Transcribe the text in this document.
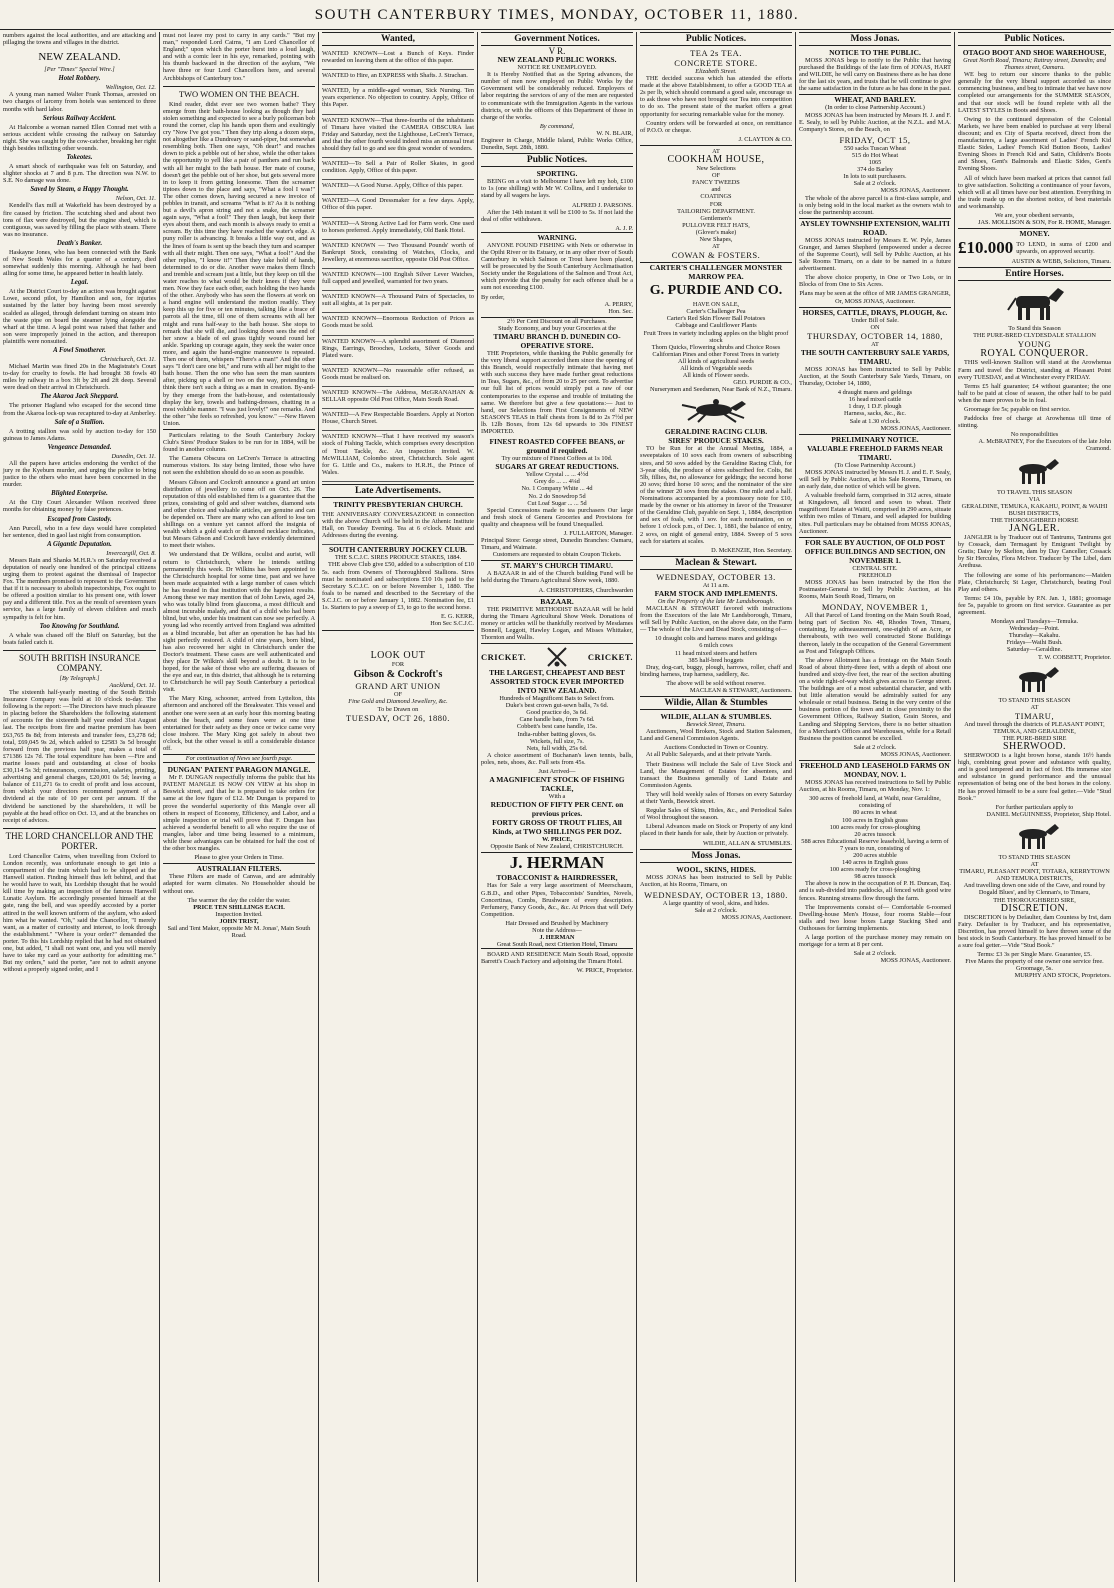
SOUTH CANTERBURY TIMES, MONDAY, OCTOBER 11, 1880.

numbers against the local authorities, and are attacking and pillaging the towns and villages in the district.

NEW ZEALAND.
[Per "Times" Special Wire.]
Hotel Robbery.
Wellington, Oct. 12.

A young man named Walter Frank Thomas, arrested on two charges of larceny from hotels was sentenced to three months with hard labor.

Serious Railway Accident.

At Halcombe a woman named Ellen Conrad met with a serious accident while crossing the railway on Saturday night. She was caught by the cow-catcher, breaking her right thigh besides inflicting other wounds.

Tokeotes.

A smart shock of earthquake was felt on Saturday, and slighter shocks at 7 and 8 p.m. The direction was N.W. to S.E. No damage was done.

Saved by Steam, a Happy Thought.
Nelson, Oct. 11.

Kendell's flax mill at Wakefield has been destroyed by a fire caused by friction. The scutching shed and about two tons of flax were destroyed, but the engine shed, which is contiguous, was saved by filling the place with steam. There was no insurance.

Death's Banker.

Haskayne Jones, who has been connected with the Bank of New South Wales for a quarter of a century, died somewhat suddenly this morning. Although he had been ailing for some time, he appeared better in health lately.

Legal.

At the District Court to-day an action was brought against Lowe, second pilot, by Hamilton and son, for injuries sustained by the latter boy having been most severely scalded as alleged, through defendant turning on steam into the waste pipe on board the steamer lying alongside the wharf at the time. A legal point was raised that father and son were improperly joined in the action, and thereupon plaintiffs were nonsuited.

A Fowl Smotherer.
Christchurch, Oct. 11.

Michael Martin was fined 20s in the Magistrate's Court to-day for cruelty to fowls. He had brought 38 fowls 40 miles by railway in a box 3ft by 2ft and 2ft deep. Several were dead on their arrival in Christchurch.

The Akaroa Jack Sheppard.

The prisoner Hagland who escaped for the second time from the Akaroa lock-up was recaptured to-day at Amberley.

Sale of a Stallion.

A trotting stallion was sold by auction to-day for 150 guineas to James Adams.

Vengeance Demanded.
Dunedin, Oct. 11.

All the papers have articles endorsing the verdict of the jury re the Kyeburn murder, and urging the police to bring justice to the others who must have been concerned in the murder.

Blighted Enterprise.

At the City Court Alexander Wilson received three months for obtaining money by false pretences.

Escaped from Custody.

Ann Purcell, who in a few days would have completed her sentence, died in gaol last night from consumption.

A Gigantic Deputation.
Invercargill, Oct. 8.

Messrs Rain and Shanks M.H.R.'s on Saturday received a deputation of nearly one hundred of the principal citizens urging them to protest against the dismissal of Inspector Fox. The members promised to represent to the Government that if it is necessary to abolish inspectorships, Fox ought to be offered a position similar to his present one, with lower pay and a different title. Fox as the result of seventeen years service, has a large family of eleven children and much sympathy is felt for him.

Too Knowing for Southland.

A whale was chased off the Bluff on Saturday, but the boats failed catch it.

SOUTH BRITISH INSURANCE COMPANY.
[By Telegraph.]
Auckland, Oct. 11.

The sixteenth half-yearly meeting of the South British Insurance Company was held at 10 o'clock to-day. The following is the report: —The Directors have much pleasure in placing before the Shareholders the following statement of accounts for the sixteenth half year ended 31st August last. The receipts from fire and marine premium has been £63,765 8s 8d; from interests and transfer fees, £3,278 6d; total, £69,045 9s 2d, which added to £2583 3s 5d brought forward from the previous half year, makes a total of £71386 12s 7d. The total expenditure has been —Fire and marine losses paid and outstanding at close of books £30,114 5s 3d; reinsurances, commission, salaries, printing, advertising and general charges, £20,001 0s 5d; leaving a balance of £11,271 6s to credit of profit and loss account, from which your directors recommend payment of a dividend at the rate of 10 per cent per annum. If the dividend be sanctioned by the shareholders, it will be payable at the head office on Oct. 13, and at the branches on receipt of advices.

THE LORD CHANCELLOR AND THE PORTER.

Lord Chancellor Cairns, when travelling from Oxford to London recently, was unfortunate enough to get into a compartment of the train which had to be slipped at the Hanwell station. Finding himself thus left behind, and that he would have to wait, his Lordship thought that he would kill time by making an inspection of the famous Hanwell Lunatic Asylum. He accordingly presented himself at the gate, rang the bell, and was speedily accosted by a porter attired in the well known uniform of the asylum, who asked him what he wanted. "Oh," said the Chancellor, "I merely want, as a matter of curiosity and interest, to look through the establishment." "Where is your order?" demanded the porter. To this his Lordship replied that he had not obtained one, but added, "I shall not want one, and you will merely have to take my card as your authority for admitting me." But my orders," said the porter, "are not to admit anyone without a properly signed order, and I

must not leave my post to carry in any cards." "But my man," responded Lord Cairns, "I am Lord Chancellor of England;" upon which the porter burst into a loud laugh, and with a comic leer in his eye, remarked, pointing with his thumb backward in the direction of the asylum, "We have three or four Lord Chancellors here, and several Archbishops of Canterbury too."

TWO WOMEN ON THE BEACH.

Kind reader, didst ever see two women bathe? They emerge from their bath-house looking as though they had stolen something and expected to see a burly policeman bob round the corner, clap his hands upon them and exultingly cry "Now I've got you." Then they trip along a dozen steps, not altogether like a Dundreary or sand-piper, but somewhat resembling both. Then one says, "Oh dear!" and reaches down to pick a pebble out of her shoe, while the other takes the opportunity to yell like a pair of panthers and run back with all her might to the bath house. Her mate of course, doesn't get the pebble out of her shoe, but gets several more in to keep it from getting lonesome. Then the screamer tiptoes down to the place and says, "What a fool I was!" The other comes down, having secured a new invoice of pebbles in transit, and screams "What is it? As it is nothing but a devil's apron string and not a snake, the screamer again says, "What a fool!" They then laugh, but keep their eyes about them, and each month is always ready to emit a scream. By this time they have reached the water's edge. A puny roller is advancing. It breaks a little way out, and as the lines of foam is sent up the beach they turn and scamper with all their might. Then one says, "What a fool!" And the other replies, "I know it!" Then they take hold of hands, determined to do or die. Another wave makes them flinch and tremble and scream just a little, but they keep on till the water reaches to what would be their knees if they were men. Now they face each other, each holding the two hands of the other. Anybody who has seen the flowers at work on a hand engine will understand the motion readily. They keep this up for five or ten minutes, talking like a brace of parrots all the time, till one of them screams with all her might and runs half-way to the bath house. She stops to remark that she will die, and looking down sees the end of her snow a blade of eel grass tightly wound round her ankle. Sparking up courage again, they seek the water once more, and again the hand-engine manoeuvre is repeated. Then one of them, whispers "There's a man!" And the other says "I don't care one bit," and runs with all her might to the bath house. Then the one who has seen the man saunters after, picking up a shell or two on the way, pretending to think there isn't such a thing as a man in creation. By-and-by they emerge from the bath-house, and ostentatiously display the key, towels and bathing-dresses, chatting in a most voluble manner. "I was just lovely!" one remarks. And the other "she feels so refreshed, you know." —New Haven Union.

Particulars relating to the South Canterbury Jockey Club's Sires' Produce Stakes to be run for in 1884, will be found in another column.

The Camera Obscura on LeCren's Terrace is attracting numerous visitors. Its stay being limited, those who have not seen the exhibition should do so as soon as possible.

Messrs Gibson and Cockroft announce a grand art union distribution of jewellery to come off on Oct. 26. The reputation of this old established firm is a guarantee that the prizes, consisting of gold and silver watches, diamond sets and other choice and valuable articles, are genuine and can be depended on. There are many who can afford to lose ten shillings on a venture yet cannot afford the insignia of wealth which a gold watch or diamond necklace indicates, but Messrs Gibson and Cockroft have evidently determined to meet their wishes.

We understand that Dr Wilkins, oculist and aurist, will return to Christchurch, where he intends settling permanently this week. Dr Wilkins has been appointed to the Christchurch hospital for some time, past and we have been made acquainted with a large number of cases which he has treated in that institution with the happiest results. Among these we may mention that of John Lewis, aged 24, who was totally blind from glaucoma, a most difficult and almost incurable malady, and that of a child who had been blind, but who, under his treatment can now see perfectly. A young lad who recently arrived from England was admitted as a blind incurable, but after an operation he has had his sight perfectly restored. A child of nine years, born blind, has also recovered her sight in Christchurch under the Doctor's treatment. These cases are well authenticated and they place Dr Wilkin's skill beyond a doubt. It is to be hoped, for the sake of those who are suffering diseases of the eye and ear, in this district, that although he is returning to Christchurch he will pay South Canterbury a periodical visit.

The Mary King, schooner, arrived from Lyttelton, this afternoon and anchored off the Breakwater. This vessel and another one were seen at an early hour this morning beating about the beach, and some fears were at one time entertained for their safety as they once or twice came very close inshore. The Mary King got safely in about two o'clock, but the other vessel is still a considerable distance off.

For continuation of News see fourth page.
DUNGAN' PATENT PARAGON MANGLE.

Mr F. DUNGAN respectfully informs the public that his PATENT MANGLE IS NOW ON VIEW at his shop in Beswick street, and that he is prepared to take orders for same at the low figure of £12. Mr Dungan is prepared to prove the wonderful superiority of this Mangle over all others in respect of Economy, Efficiency, and Labor, and a simple inspection or trial will prove that F. Dungan has achieved a wonderful benefit to all who require the use of mangles, labor and time being lessened to a minimum, while these advantages can be obtained for half the cost of the other box mangles.

Please to give your Orders in Time.
AUSTRALIAN FILTERS.

These Filters are made of Canvas, and are admirably adapted for warm climates. No Householder should be without one.

The warmer the day the colder the water.
PRICE TEN SHILLINGS EACH.
Inspection Invited.
JOHN TRIST,
Sail and Tent Maker, opposite Mr M. Jonas', Main South Road.
Wanted,

WANTED KNOWN—Lost a Bunch of Keys. Finder rewarded on leaving them at the office of this paper.

WANTED to Hire, an EXPRESS with Shafts. J. Strachan.

WANTED, by a middle-aged woman, Sick Nursing. Ten years experience. No objection to country. Apply, Office of this Paper.

WANTED KNOWN—That three-fourths of the inhabitants of Timaru have visited the CAMERA OBSCURA last Friday and Saturday, next the Lighthouse, LeCren's Terrace, and that the other fourth would indeed miss an unusual treat should they fail to go and see this great wonder of wonders.

WANTED—To Sell a Pair of Roller Skates, in good condition. Apply, Office of this paper.

WANTED—A Good Nurse. Apply, Office of this paper.

WANTED—A Good Dressmaker for a few days. Apply, Office of this paper.

WANTED—A Strong Active Lad for Farm work. One used to horses preferred. Apply immediately, Old Bank Hotel.

WANTED KNOWN — Two Thousand Pounds' worth of Bankrupt Stock, consisting of Watches, Clocks, and Jewellery, at enormous sacrifice, opposite Old Post Office.

WANTED KNOWN—100 English Silver Lever Watches, full capped and jewelled, warranted for two years.

WANTED KNOWN—A Thousand Pairs of Spectacles, to suit all sights, at 1s per pair.

WANTED KNOWN—Enormous Reduction of Prices as Goods must be sold.

WANTED KNOWN—A splendid assortment of Diamond Rings, Earrings, Brooches, Lockets, Silver Goods and Plated ware.

WANTED KNOWN—No reasonable offer refused, as Goods must be realised on.

WANTED KNOWN—The Address, McGRANAHAN & SELLAR opposite Old Post Office, Main South Road.

WANTED—A Few Respectable Boarders. Apply at Norton House, Church Street.

WANTED KNOWN—That I have received my season's stock of Fishing Tackle, which comprises every description of Trout Tackle, &c. An inspection invited. W. McWILLIAM, Colombo street, Christchurch. Sole agent for G. Little and Co., makers to H.R.H., the Prince of Wales.

Late Advertisements.
TRINITY PRESBYTERIAN CHURCH.

THE ANNIVERSARY CONVERSAZIONE in connection with the above Church will be held in the Athenic Institute Hall, on Tuesday Evening. Tea at 6 o'clock. Music and Addresses during the evening.

SOUTH CANTERBURY JOCKEY CLUB.
THE S.C.J.C. SIRES PRODUCE STAKES, 1884.

THE above Club give £50, added to a subscription of £10 5s. each from Owners of Thoroughbred Stallions. Sires must be nominated and subscriptions £10 10s paid to the Secretary S.C.J.C. on or before November 1, 1880. The foals to be named and described to the Secretary of the S.C.J.C. on or before January 1, 1882. Nomination fee, £1 1s. Starters to pay a sweep of £3, to go to the second horse.

E. G. KERR,
Hon Sec S.C.J.C.
LOOK OUT
FOR
Gibson & Cockroft's
GRAND ART UNION
OF
Fine Gold and Diamond Jewellery, &c.
To be Drawn on
TUESDAY, OCT 26, 1880.
Government Notices.
V R.
NEW ZEALAND PUBLIC WORKS.
NOTICE RE UNEMPLOYED.

It is Hereby Notified that as the Spring advances, the number of men now employed on Public Works by the Government will be considerably reduced. Employers of labor requiring the services of any of the men are requested to communicate with the Immigration Agents in the various districts, or with the officers of this Department of those in charge of the works.

By command,
W. N. BLAIR,
Engineer in Charge, Middle Island, Public Works Office, Dunedin, Sept. 28th, 1880.
Public Notices.
SPORTING.

BEING on a visit to Melbourne I have left my hob, £100 to 1s (one shilling) with Mr W. Collins, and I undertake to stand by all wagers he lays.

ALFRED J. PARSONS.

After the 14th instant it will be £100 to 5s. If not laid the deal of offer withdrawn.

A. J. P.
WARNING.

ANYONE FOUND FISHING with Nets or otherwise in the Opihi River or its Estuary, or in any other river of South Canterbury in which Salmon or Trout have been placed, will be prosecuted by the South Canterbury Acclimatisation Society under the Regulations of the Salmon and Trout Act, which provide that the penalty for each offence shall be a sum not exceeding £100.

By order,
A. PERRY,
Hon. Sec.
2½ Per Cent Discount on all Purchases.
Study Economy, and buy your Groceries at the
TIMARU BRANCH D. DUNEDIN CO-OPERATIVE STORE.

THE Proprietors, while thanking the Public generally for the very liberal support accorded them since the opening of this Branch, would respectfully intimate that having met with such success they have made further great reductions in Teas, Sugars, &c., of from 20 to 25 per cent. To advertise our full list of prices would simply put a raw of our contemporaries to the expense and trouble of imitating the same. We therefore but give a few quotations:— Just to hand, our Selections from First Consignments of NEW SEASON'S TEAS in Half chests from 1s 8d to 2s 7½d per lb. 12lb Boxes, from 12s 6d upwards to 30s FINEST IMPORTED.

FINEST ROASTED COFFEE BEANS, or ground if required.
Try our mixture of Finest Coffees at 1s 10d.
SUGARS AT GREAT REDUCTIONS.
Yellow Crystal ... ... 4½d
Grey do ... ... 4¼d
No. 1 Company White ... 4d
No. 2 do Snowdrop 5d
Cut Loaf Sugar ... ... 5d

Special Concessions made to tea purchasers Our large and fresh stock of Genera Groceries and Provisions for quality and cheapness will be found Unequalled.

J. FULLARTON, Manager.
Principal Store: George street, Dunedin Branches: Oamaru, Timaru, and Waimate.
Customers are requested to obtain Coupon Tickets.
ST. MARY'S CHURCH TIMARU.

A BAZAAR in aid of the Church building Fund will be held during the Timaru Agricultural Show week, 1880.

A. CHRISTOPHERS, Churchwarden
BAZAAR.

THE PRIMITIVE METHODIST BAZAAR will be held during the Timaru Agricultural Show Week. Donations of money or articles will be thankfully received by Mesdames Bonnell, Leggott, Hawley Logan, and Misses Whittaker, Thornton and Wallis.

CRICKET.	CRICKET.
THE LARGEST, CHEAPEST AND BEST ASSORTED STOCK EVER IMPORTED INTO NEW ZEALAND.
Hundreds of Magnificent Bats to Select from.
Duke's best crown gut-sewn balls, 7s 6d.
Good practice do, 3s 6d.
Cane handle bats, from 7s 6d.
Cobbett's best cane handle, 15s.
India-rubber batting gloves, 6s.
Wickets, full size, 7s.
Nets, full width, 25s 6d.

A choice assortment of Buchanan's lawn tennis, balls, poles, nets, shoes, &c. Full sets from 45s.

Just Arrived—
A MAGNIFICENT STOCK OF FISHING TACKLE,
With a
REDUCTION OF FIFTY PER CENT. on previous prices.
FORTY GROSS OF TROUT FLIES, All Kinds, at TWO SHILLINGS PER DOZ.
W. PRICE,
Opposite Bank of New Zealand, CHRISTCHURCH.
J. HERMAN
TOBACCONIST & HAIRDRESSER,

Has for Sale a very large assortment of Meerschaum, G.B.D., and other Pipes, Tobacconists' Sundries, Novels, Concertinas, Combs, Brushware of every description. Perfumery, Fancy Goods, &c., &c. At Prices that will Defy Competition.

Hair Dressed and Brushed by Machinery
Note the Address—
J. HERMAN
Great South Road, next Criterion Hotel, Timaru

BOARD AND RESIDENCE Main South Road, opposite Barrett's Coach Factory and adjoining the Timaru Hotel.

W. PRICE, Proprietor.
Public Notices.
TEA 2s TEA.
CONCRETE STORE.
Elizabeth Street.

THE decided success which has attended the efforts made at the above Establishment, to offer a GOOD TEA at 2s per lb, which should command a good sale, encourage us to ask those who have not brought our Tea into competition to do so. The present state of the market offers a great opportunity for securing remarkable value for the money.

Country orders will be forwarded at once, on remittance of P.O.O. or cheque.

J. CLAYTON & CO.
AT
COOKHAM HOUSE,
New Selections
OF
FANCY TWEEDS
and
COATINGS
FOR
TAILORING DEPARTMENT.
Gentlemen's
PULLOVER FELT HATS,
(Glover's make)
New Shapes,
AT
COWAN & FOSTERS.
CARTER'S CHALLENGER MONSTER MARROW PEA.
G. PURDIE AND CO.
HAVE ON SALE,
Carter's Challenger Pea
Carter's Red Skin Flower Ball Potatoes
Cabbage and Cauliflower Plants
Fruit Trees in variety including apples on the blight proof stock
Thorn Quicks, Flowering shrubs and Choice Roses
Californian Pines and other Forest Trees in variety
All kinds of agricultural seeds
All kinds of Vegetable seeds
All kinds of Flower seeds.
GEO. PURDIE & CO.,
Nurserymen and Seedsmen, Near Bank of N.Z., Timaru.
GERALDINE RACING CLUB.
SIRES' PRODUCE STAKES.

TO be Run for at the Annual Meeting, 1884, a sweepstakes of 10 sovs each from owners of subscribing sires, and 50 sovs added by the Geraldine Racing Club, for 3-year olds, the produce of sires subscribed for. Colts, 8st 5lb, fillies, 8st, no allowance for geldings; the second horse 20 sovs; third horse 10 sovs; and the nominator of the sire of the winner 20 sovs from the stakes. One mile and a half. Nominations accompanied by a promissory note for £10, made by the owner or his attorney in favor of the Treasurer of the Geraldine Club, payable on Sept. 1, 1884, description and sex of foals, with 1 sov. for each nomination, on or before 1 o'clock p.m., of Dec. 1, 1881, the balance of entry, 2 sovs, on night of general entry, 1884. Sweep of 5 sovs each for starters at scales.

D. McKENZIE, Hon. Secretary.
Maclean & Stewart.
WEDNESDAY, OCTOBER 13.
At 11 a.m.
FARM STOCK AND IMPLEMENTS.
On the Property of the late Mr Landsborough.

MACLEAN & STEWART favored with instructions from the Executors of the late Mr Landsborough, Timaru, will Sell by Public Auction, on the above date, on the Farm— The whole of the Live and Dead Stock, consisting of—

10 draught colts and harness mares and geldings
6 milch cows
11 head mixed steers and heifers
385 half-bred hoggets

Dray, dog-cart, buggy, plough, harrows, roller, chaff and binding harness, trap harness, saddlery, &c.

The above will be sold without reserve.
MACLEAN & STEWART, Auctioneers.
Wildie, Allan & Stumbles
WILDIE, ALLAN & STUMBLES.
Beswick Street, Timaru.

Auctioneers, Wool Brokers, Stock and Station Salesmen, Land and General Commission Agents.

Auctions Conducted in Town or Country.

At all Public Saleyards, and at their private Yards.

Their Business will include the Sale of Live Stock and Land, the Management of Estates for absentees, and transact the Business generally of Land Estate and Commission Agents.

They will hold weekly sales of Horses on every Saturday at their Yards, Beswick street.

Regular Sales of Skins, Hides, &c., and Periodical Sales of Wool throughout the season.

Liberal Advances made on Stock or Property of any kind placed in their hands for sale, their by Auction or privately.

WILDIE, ALLAN & STUMBLES.
Moss Jonas.
WOOL, SKINS, HIDES.

MOSS JONAS has been instructed to Sell by Public Auction, at his Rooms, Timaru, on

WEDNESDAY, OCTOBER 13, 1880.
A large quantity of wool, skins, and hides.
Sale at 2 o'clock.
MOSS JONAS, Auctioneer.
Moss Jonas.
NOTICE TO THE PUBLIC.

MOSS JONAS begs to notify to the Public that having purchased the Buildings of the late firm of JONAS, HART and WILDIE, he will carry on Business there as he has done for the last six years, and trusts that he will continue to give the same satisfaction in the future as he has done in the past.

WHEAT, AND BARLEY.
(In order to close Partnership Account.)

MOSS JONAS has been instructed by Messrs H. J. and F. E. Sealy, to sell by Public Auction, at the N.Z.L. and M.A. Company's Stores, on the Beach, on

FRIDAY, OCT 15,
550 sacks Tuscan Wheat
515 do Hot Wheat
1065
374 do Barley
In lots to suit purchasers.
Sale at 2 o'clock.
MOSS JONAS, Auctioneer.

The whole of the above parcel is a first-class sample, and is only being sold in the local market as the owners wish to close the partnership account.

AYSLEY TOWNSHIP EXTENSION, WALITI ROAD.

MOSS JONAS instructed by Messrs E. W. Pyle, James Granger, and James Shepherd (empowered under a decree of the Supreme Court), will Sell by Public Auction, at his Sale Rooms Timaru, on a date to be named in a future advertisement.

The above choice property, in One or Two Lots, or in Blocks of from One to Six Acres.

Plans may be seen at the office of MR JAMES GRANGER, Or, MOSS JONAS, Auctioneer.
HORSES, CATTLE, DRAYS, PLOUGH, &c.
Under Bill of Sale.
ON
THURSDAY, OCTOBER 14, 1880,
AT
THE SOUTH CANTERBURY SALE YARDS, TIMARU.

MOSS JONAS has been instructed to Sell by Public Auction, at the South Canterbury Sale Yards, Timaru, on Thursday, October 14, 1880,

4 draught mares and geldings
16 head mixed cattle
1 dray, 1 D.F. plough
Harness, sacks, &c., &c.
Sale at 1.30 o'clock.
MOSS JONAS, Auctioneer.
PRELIMINARY NOTICE.
VALUABLE FREEHOLD FARMS NEAR TIMARU.
(To Close Partnership Account.)

MOSS JONAS instructed by Messrs H. J. and E. F. Sealy, will Sell by Public Auction, at his Sale Rooms, Timaru, on an early date, due notice of which will be given.

A valuable freehold farm, comprised in 312 acres, situate at Kingsdown, all fenced and sown to wheat. Their magnificent Estate at Waiiti, comprised in 290 acres, situate within two miles of Timaru, and well adapted for building sites. Full particulars may be obtained from MOSS JONAS, Auctioneer.

FOR SALE BY AUCTION, OF OLD POST OFFICE BUILDINGS AND SECTION, ON NOVEMBER 1.
CENTRAL SITE.
FREEHOLD

MOSS JONAS has been instructed by the Hon the Postmaster-General to Sell by Public Auction, at his Rooms, Main South Road, Timaru, on

MONDAY, NOVEMBER 1,

All that Parcel of Land fronting on the Main South Road, being part of Section No. 48, Rhodes Town, Timaru, containing, by admeasurement, one-eighth of an Acre, or thereabouts, with two well constructed Stone Buildings thereon, lately in the occupation of the General Government as Post and Telegraph Offices.

The above Allotment has a frontage on the Main South Road of about thirty-three feet, with a depth of about one hundred and sixty-five feet, the rear of the section abutting on a wide right-of-way which gives access to George street. The buildings are of a most substantial character, and with but little alteration would be admirably suited for any wholesale or retail business. Being in the very centre of the business portion of the town and in close proximity to the Government Offices, Railway Station, Grain Stores, and Landing and Shipping Services, there is no better situation for a Merchant's Offices and Warehouses, while for a Retail Business the position cannot be excelled.

Sale at 2 o'clock.
MOSS JONAS, Auctioneer.
FREEHOLD AND LEASEHOLD FARMS ON MONDAY, NOV. 1.

MOSS JONAS has received instructions to Sell by Public Auction, at his Rooms, Timaru, on Monday, Nov. 1:

300 acres of freehold land, at Waihi, near Geraldine, consisting of
80 acres in wheat
100 acres in English grass
100 acres ready for cross-ploughing
20 acres tussock
588 acres Educational Reserve leasehold, having a term of 7 years to run, consisting of
200 acres stubble
140 acres in English grass
100 acres ready for cross-ploughing
98 acres tussock

The above is now in the occupation of P. H. Duncan, Esq. and is sub-divided into paddocks, all fenced with good wire fences. Running streams flow through the farm.

The Improvements consist of— Comfortable 6-roomed Dwelling-house Men's House, four rooms Stable—four stalls and two loose boxes Large Stacking Shed and Outhouses for farming implements.

A large portion of the purchase money may remain on mortgage for a term at 8 per cent.

Sale at 2 o'clock.
MOSS JONAS, Auctioneer.
Public Notices.
OTAGO BOOT AND SHOE WAREHOUSE,
Great North Road, Timaru; Rattray street, Dunedin; and Thames street, Oamaru.

WE beg to return our sincere thanks to the public generally for the very liberal support accorded us since commencing business, and beg to intimate that we have now completed our arrangements for the SUMMER SEASON, and that our stock will be found replete with all the LATEST STYLES in Boots and Shoes.

Owing to the continued depression of the Colonial Markets, we have been enabled to purchase at very liberal discount; and ex City of Sparta received, direct from the manufacturers, a large assortment of Ladies' French Kid Elastic Sides, Ladies' French Kid Button Boots, Ladies' Evening Shoes in French Kid and Satin, Children's Boots and Shoes, Gent's Balmorals and Elastic Sides, Gent's Evening Shoes.

All of which have been marked at prices that cannot fail to give satisfaction. Soliciting a continuance of your favors, which will at all times have our best attention. Everything in the trade made up on the shortest notice, of best materials and workmanship.

We are, your obedient servants,
JAS. MOLLISON & SON, For R. HOME, Manager.
MONEY.
£10.000 TO LEND, in sums of £200 and upwards, on approved security.
AUSTIN & WEBB, Solicitors, Timaru.
Entire Horses.
To Stand this Season
THE PURE-BRED CLYDESDALE STALLION
YOUNG
ROYAL CONQUEROR.

THIS well-known Stallion will stand at the Arowhenua Farm and travel the District, standing at Pleasant Point every TUESDAY, and at Winchester every FRIDAY.

Terms £5 half guarantee; £4 without guarantee; the one half to be paid at close of season, the other half to be paid when the mare proves to be in foal.

Groomage fee 5s; payable on first service.

Paddocks free of charge at Arowhenua till time of stinting.

No responsibilities
A. McBRATNEY, For the Executors of the late John Cramond.
TO TRAVEL THIS SEASON
VIA
GERALDINE, TEMUKA, KAKAHU, POINT, & WAIHI BUSH DISTRICTS,
THE THOROUGHBRED HORSE
JANGLER.

JANGLER is by Traducer out of Tantrums, Tantrums got by Cossack, dam Termagant by Emigrant Twilight by Gratis; Daisy by Skelton, dam by Day Canceller; Cossack by Sir Hercules, Flora McIvor. Traducer by The Libel, dam Arethusa.

The following are some of his performances:—Maiden Plate, Christchurch; St Leger, Christchurch, beating Foul Play and others.

Terms: £4 10s, payable by P.N. Jan. 1, 1881; groomage fee 5s, payable to groom on first service. Guarantee as per agreement.

Mondays and Tuesdays—Temuka.
Wednesday—Point.
Thursday—Kakahu.
Fridays—Waihi Bush.
Saturday—Geraldine.
T. W. COBBETT, Proprietor.
TO STAND THIS SEASON
AT
TIMARU,
And travel through the districts of PLEASANT POINT, TEMUKA, AND GERALDINE,
THE PURE-BRED SIRE
SHERWOOD.

SHERWOOD is a light brown horse, stands 16½ hands high, combining great power and substance with quality, and is good tempered and in fact of foot. His immense size and substance in grand performance and the unusual representation of being one of the best horses in the colony. He has proved himself to be a sure foal getter.—Vide "Stud Book."

For further particulars apply to
DANIEL McGUINNESS, Proprietor, Ship Hotel.
TO STAND THIS SEASON
AT
TIMARU, PLEASANT POINT, TOTARA, KERRYTOWN AND TEMUKA DISTRICTS,
And travelling down one side of the Cave, and round by Dogald Blues', and by Clennan's, to Timaru,
THE THOROUGHBRED SIRE,
DISCRETION.

DISCRETION is by Defaulter, dam Countess by Irst, dam Fairy. Defaulter is by Traducer, and his representative, Discretion, has proved himself to have thrown some of the best stock in South Canterbury. He has proved himself to be a sure foal getter.—Vide "Stud Book."

Terms: £3 3s per Single Mare. Guarantee, £5.
Five Mares the property of one owner one service free.
Groomage, 5s.
MURPHY AND STOCK, Proprietors.
